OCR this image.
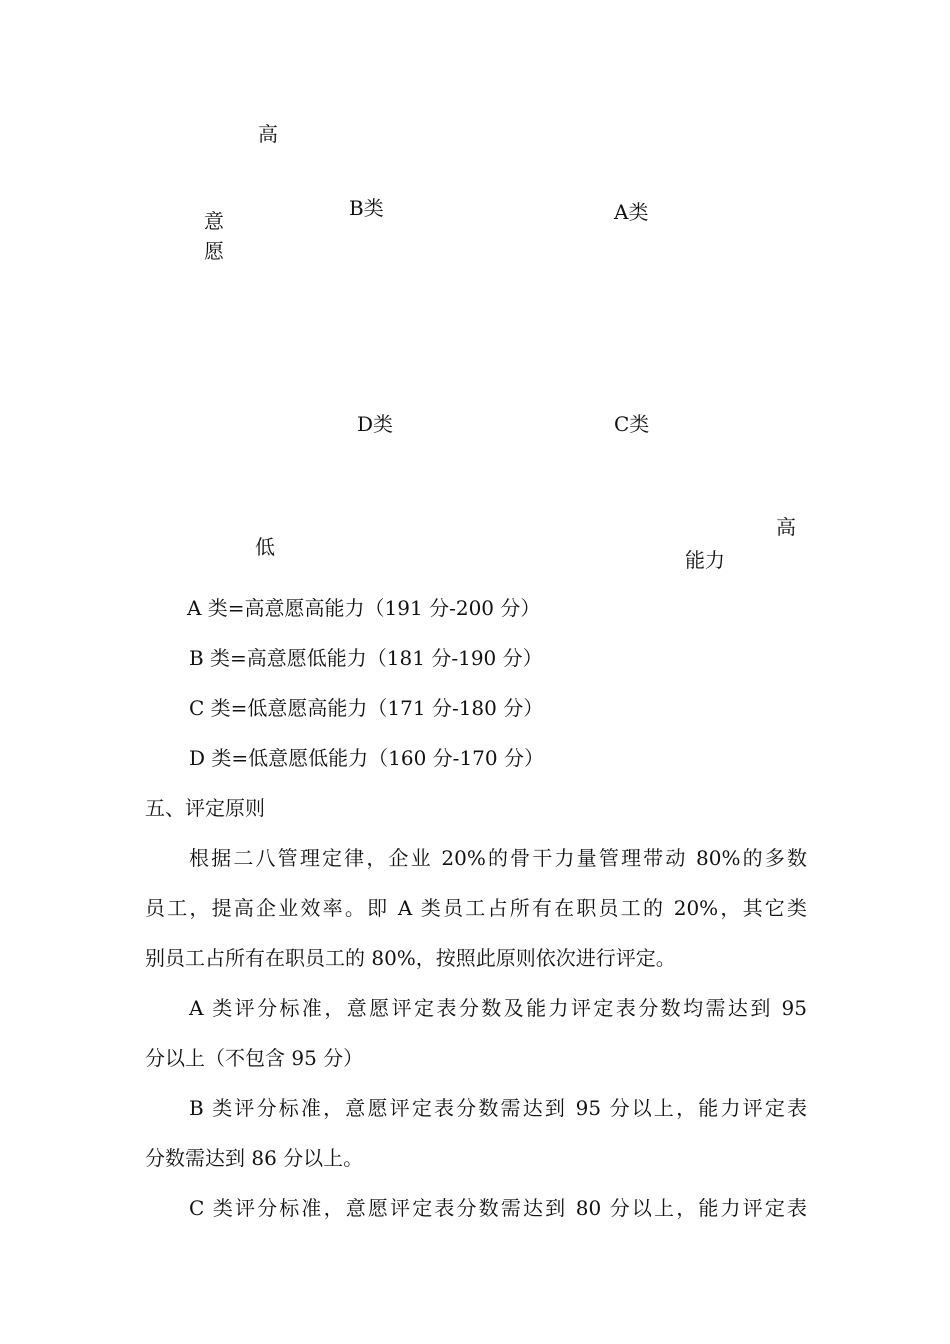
高
意
愿
B类	A类
D类	C类
高
低
能力
A 类=高意愿高能力（191 分-200 分）
B 类=高意愿低能力（181 分-190 分）
C 类=低意愿高能力（171 分-180 分）
D 类=低意愿低能力（160 分-170 分）
五、评定原则
根据二八管理定律，企业 20%的骨干力量管理带动 80%的多数
员工，提高企业效率。即 A 类员工占所有在职员工的 20%，其它类
别员工占所有在职员工的 80%，按照此原则依次进行评定。
A 类评分标准，意愿评定表分数及能力评定表分数均需达到 95
分以上（不包含 95 分）
B 类评分标准，意愿评定表分数需达到 95 分以上，能力评定表
分数需达到 86 分以上。
C 类评分标准，意愿评定表分数需达到 80 分以上，能力评定表
